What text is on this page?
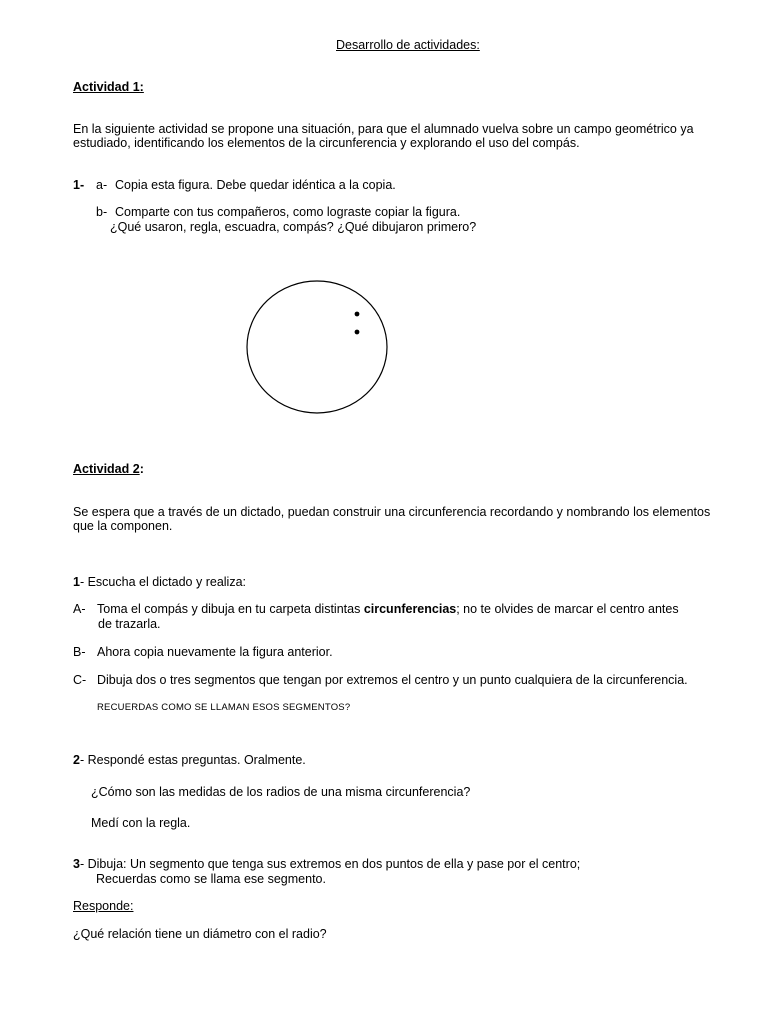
Desarrollo de actividades:
Actividad 1:
En la siguiente actividad se propone una situación, para que el alumnado vuelva sobre un campo geométrico ya
estudiado, identificando los elementos de la circunferencia y explorando el uso del compás.
1- a- Copia esta figura. Debe quedar idéntica a la copia.
b- Comparte con tus compañeros, como lograste copiar la figura.
¿Qué usaron, regla, escuadra, compás? ¿Qué dibujaron primero?
Actividad 2:
Se espera que a través de un dictado, puedan construir una circunferencia recordando y nombrando los elementos
que la componen.
1- Escucha el dictado y realiza:
A- Toma el compás y dibuja en tu carpeta distintas circunferencias; no te olvides de marcar el centro antes
de trazarla.
B- Ahora copia nuevamente la figura anterior.
C- Dibuja dos o tres segmentos que tengan por extremos el centro y un punto cualquiera de la circunferencia.
RECUERDAS COMO SE LLAMAN ESOS SEGMENTOS?
2- Respondé estas preguntas. Oralmente.
¿Cómo son las medidas de los radios de una misma circunferencia?
Medí con la regla.
3- Dibuja: Un segmento que tenga sus extremos en dos puntos de ella y pase por el centro;
Recuerdas como se llama ese segmento.
Responde:
¿Qué relación tiene un diámetro con el radio?
